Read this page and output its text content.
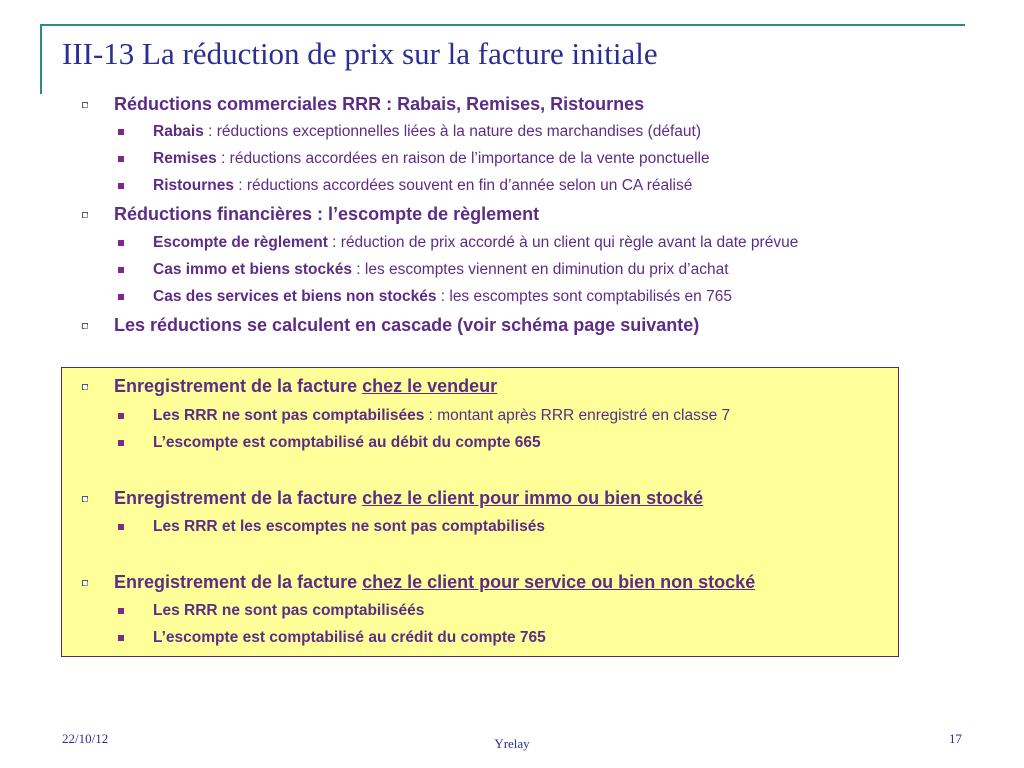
III-13 La réduction de prix sur la facture initiale
Réductions commerciales RRR : Rabais, Remises, Ristournes
Rabais : réductions exceptionnelles liées à la nature des marchandises (défaut)
Remises : réductions accordées en raison de l’importance de la vente ponctuelle
Ristournes : réductions accordées souvent en fin d’année selon un CA réalisé
Réductions financières : l’escompte de règlement
Escompte de règlement : réduction de prix accordé à un client qui règle avant la date prévue
Cas immo et biens stockés : les escomptes viennent en diminution du prix d’achat
Cas des services et biens non stockés : les escomptes sont comptabilisés en 765
Les réductions se calculent en cascade (voir schéma page suivante)
Enregistrement de la facture chez le vendeur
Les RRR ne sont pas comptabilisées : montant après RRR enregistré en classe 7
L’escompte est comptabilisé au débit du compte 665
Enregistrement de la facture chez le client pour immo ou bien stocké
Les RRR et les escomptes ne sont pas comptabilisés
Enregistrement de la facture chez le client pour service ou bien non stocké
Les RRR ne sont pas comptabiliséés
L’escompte est comptabilisé au crédit du compte 765
22/10/12	Yrelay	17
